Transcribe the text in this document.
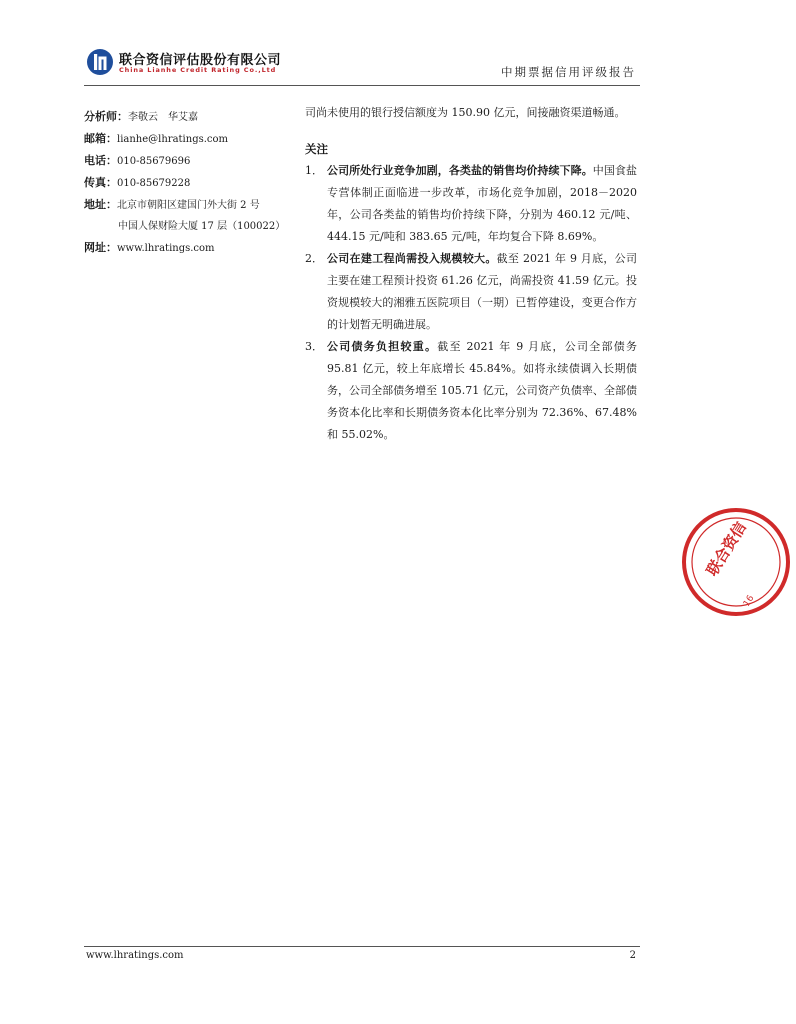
联合资信评估股份有限公司
China Lianhe Credit Rating Co.,Ltd	中期票据信用评级报告
分析师：李敬云　华艾嘉
邮箱：lianhe@lhratings.com
电话：010-85679696
传真：010-85679228
地址：北京市朝阳区建国门外大街 2 号
中国人保财险大厦 17 层（100022）
网址：www.lhratings.com
司尚未使用的银行授信额度为 150.90 亿元，间接融资渠道畅通。
关注
1． 公司所处行业竞争加剧，各类盐的销售均价持续下降。中国食盐专营体制正面临进一步改革，市场化竞争加剧，2018－2020 年，公司各类盐的销售均价持续下降，分别为 460.12 元/吨、444.15 元/吨和 383.65 元/吨，年均复合下降 8.69%。
2． 公司在建工程尚需投入规模较大。截至 2021 年 9 月底，公司主要在建工程预计投资 61.26 亿元，尚需投资 41.59 亿元。投资规模较大的湘雅五医院项目（一期）已暂停建设，变更合作方的计划暂无明确进展。
3． 公司债务负担较重。截至 2021 年 9 月底，公司全部债务 95.81 亿元，较上年底增长 45.84%。如将永续债调入长期债务，公司全部债务增至 105.71 亿元，公司资产负债率、全部债务资本化比率和长期债务资本化比率分别为 72.36%、67.48%和 55.02%。
联合资信
16
www.lhratings.com	2
